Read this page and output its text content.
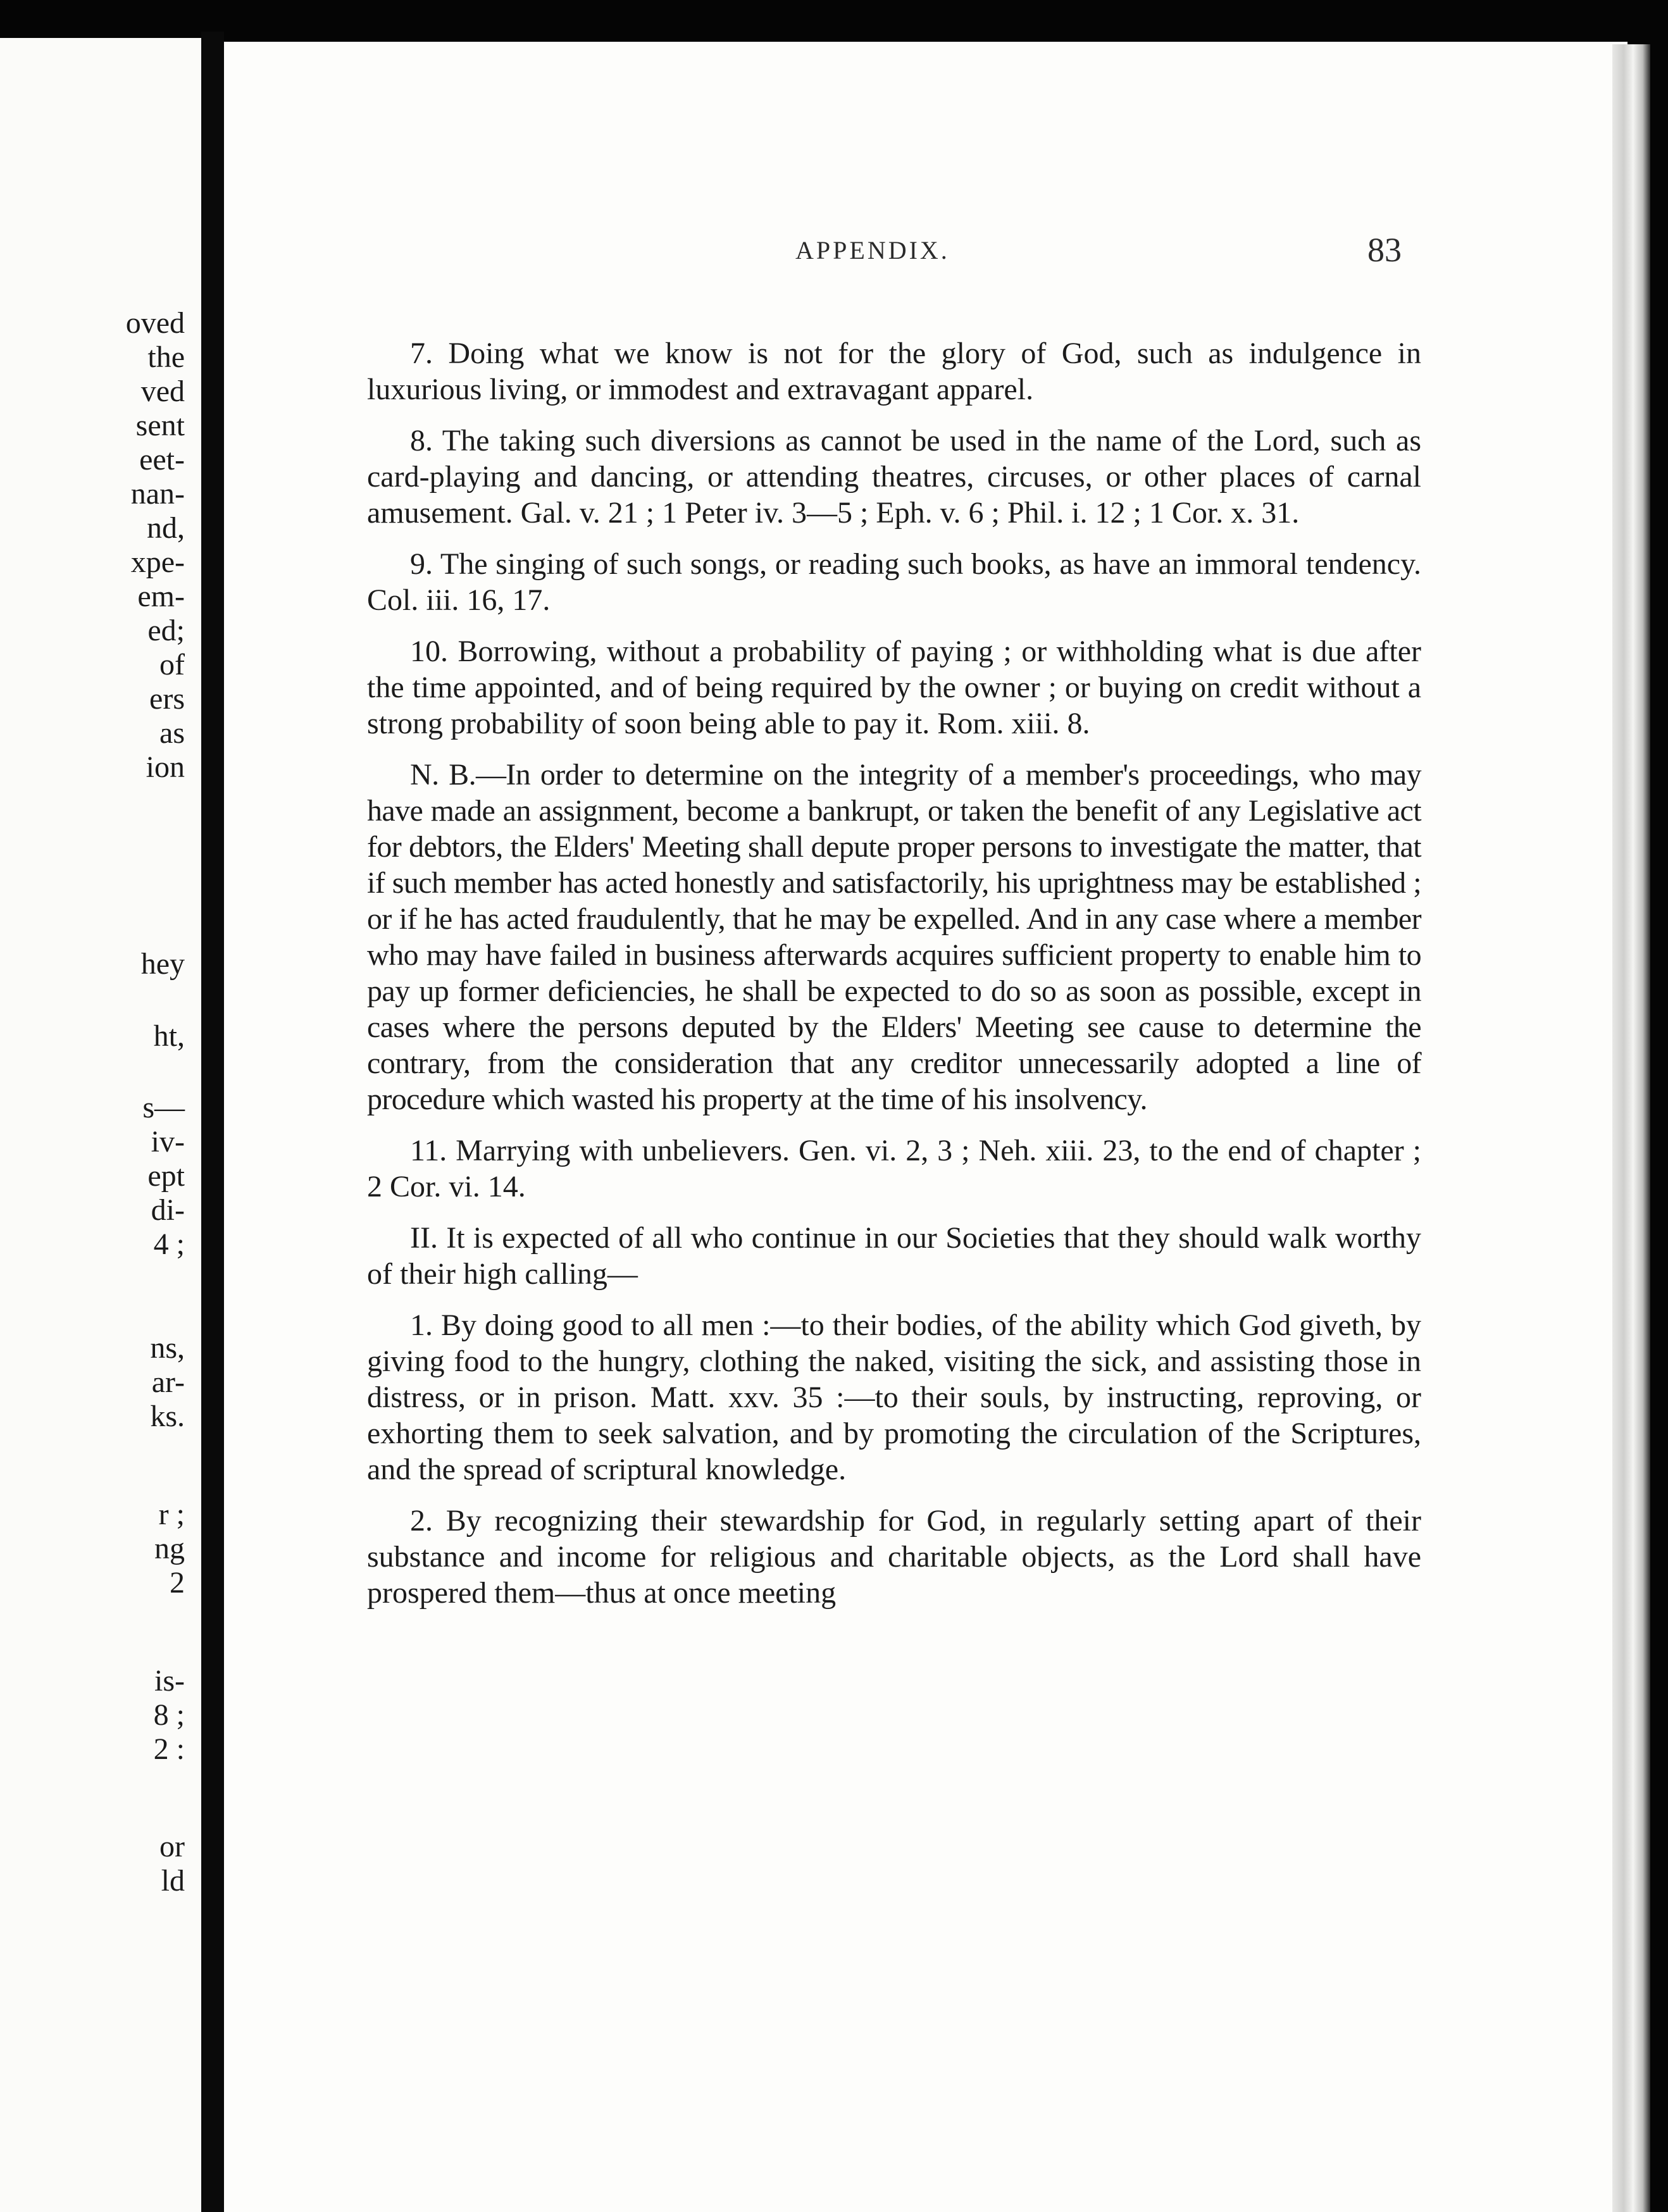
oved
the
ved
sent
eet-
nan-
nd,
xpe-
em-
ed;
of
ers
as
ion
hey
ht,
s—
iv-
ept
di-
4 ;
ns,
ar-
ks.
r ;
ng
2
is-
8 ;
2 :
or
ld
APPENDIX.	83

7. Doing what we know is not for the glory of God, such as indulgence in luxurious living, or immodest and extravagant apparel.

8. The taking such diversions as cannot be used in the name of the Lord, such as card-playing and dancing, or attending theatres, circuses, or other places of carnal amusement. Gal. v. 21 ; 1 Peter iv. 3—5 ; Eph. v. 6 ; Phil. i. 12 ; 1 Cor. x. 31.

9. The singing of such songs, or reading such books, as have an immoral tendency. Col. iii. 16, 17.

10. Borrowing, without a probability of paying ; or withholding what is due after the time appointed, and of being required by the owner ; or buying on credit without a strong probability of soon being able to pay it. Rom. xiii. 8.

N. B.—In order to determine on the integrity of a member's proceedings, who may have made an assignment, become a bankrupt, or taken the benefit of any Legislative act for debtors, the Elders' Meeting shall depute proper persons to investigate the matter, that if such member has acted honestly and satisfactorily, his uprightness may be established ; or if he has acted fraudulently, that he may be expelled. And in any case where a member who may have failed in business afterwards acquires sufficient property to enable him to pay up former deficiencies, he shall be expected to do so as soon as possible, except in cases where the persons deputed by the Elders' Meeting see cause to determine the contrary, from the consideration that any creditor unnecessarily adopted a line of procedure which wasted his property at the time of his insolvency.

11. Marrying with unbelievers. Gen. vi. 2, 3 ; Neh. xiii. 23, to the end of chapter ; 2 Cor. vi. 14.

II. It is expected of all who continue in our Societies that they should walk worthy of their high calling—

1. By doing good to all men :—to their bodies, of the ability which God giveth, by giving food to the hungry, clothing the naked, visiting the sick, and assisting those in distress, or in prison. Matt. xxv. 35 :—to their souls, by instructing, reproving, or exhorting them to seek salvation, and by promoting the circulation of the Scriptures, and the spread of scriptural knowledge.

2. By recognizing their stewardship for God, in regularly setting apart of their substance and income for religious and charitable objects, as the Lord shall have prospered them—thus at once meeting
